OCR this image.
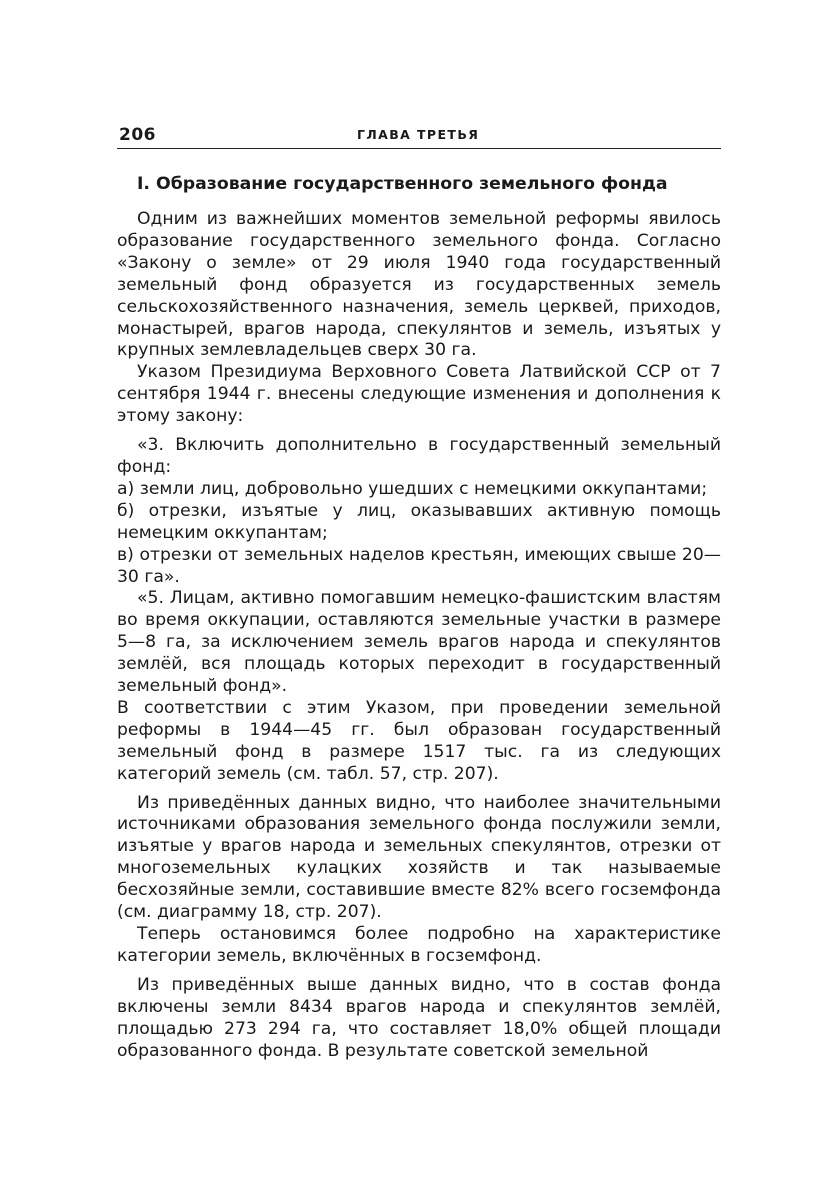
206	ГЛАВА ТРЕТЬЯ
I. Образование государственного земельного фонда

Одним из важнейших моментов земельной реформы явилось образование государственного земельного фонда. Согласно «Закону о земле» от 29 июля 1940 года государственный земельный фонд образуется из государственных земель сельскохозяйственного назначения, земель церквей, приходов, монастырей, врагов народа, спекулянтов и земель, изъятых у крупных землевладельцев сверх 30 га.

Указом Президиума Верховного Совета Латвийской ССР от 7 сентября 1944 г. внесены следующие изменения и дополнения к этому закону:

«3. Включить дополнительно в государственный земельный фонд:

а) земли лиц, добровольно ушедших с немецкими оккупантами;

б) отрезки, изъятые у лиц, оказывавших активную помощь немецким оккупантам;

в) отрезки от земельных наделов крестьян, имеющих свыше 20—30 га».

«5. Лицам, активно помогавшим немецко-фашистским властям во время оккупации, оставляются земельные участки в размере 5—8 га, за исключением земель врагов народа и спекулянтов землёй, вся площадь которых переходит в государственный земельный фонд».

В соответствии с этим Указом, при проведении земельной реформы в 1944—45 гг. был образован государственный земельный фонд в размере 1517 тыс. га из следующих категорий земель (см. табл. 57, стр. 207).

Из приведённых данных видно, что наиболее значительными источниками образования земельного фонда послужили земли, изъятые у врагов народа и земельных спекулянтов, отрезки от многоземельных кулацких хозяйств и так называемые бесхозяйные земли, составившие вместе 82% всего госземфонда (см. диаграмму 18, стр. 207).

Теперь остановимся более подробно на характеристике категории земель, включённых в госземфонд.

Из приведённых выше данных видно, что в состав фонда включены земли 8434 врагов народа и спекулянтов землёй, площадью 273 294 га, что составляет 18,0% общей площади образованного фонда. В результате советской земельной
